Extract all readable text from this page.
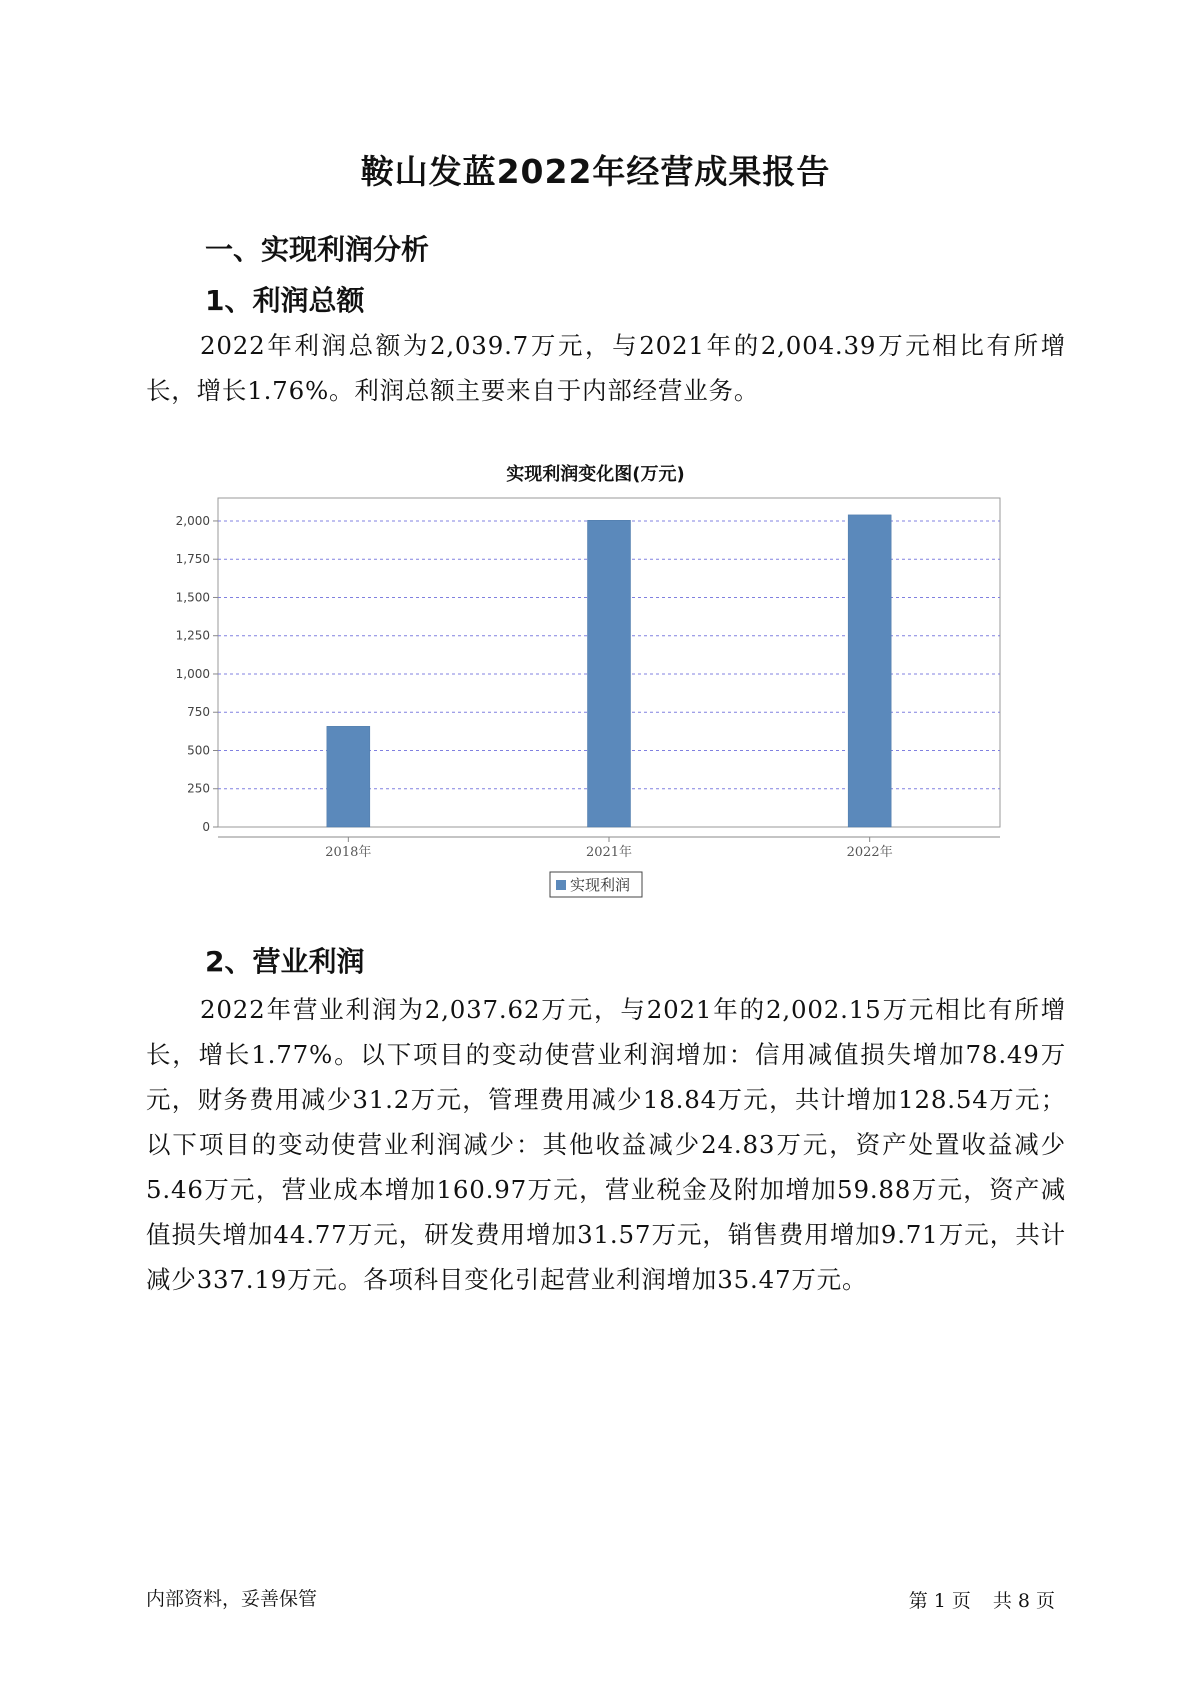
鞍山发蓝2022年经营成果报告
一、实现利润分析
1、利润总额

2022年利润总额为2,039.7万元，与2021年的2,004.39万元相比有所增长，增长1.76%。利润总额主要来自于内部经营业务。

实现利润变化图(万元)
0
250
500
750
1,000
1,250
1,500
1,750
2,000
2018年	2021年	2022年
实现利润
2、营业利润

2022年营业利润为2,037.62万元，与2021年的2,002.15万元相比有所增长，增长1.77%。以下项目的变动使营业利润增加：信用减值损失增加78.49万元，财务费用减少31.2万元，管理费用减少18.84万元，共计增加128.54万元；以下项目的变动使营业利润减少：其他收益减少24.83万元，资产处置收益减少5.46万元，营业成本增加160.97万元，营业税金及附加增加59.88万元，资产减值损失增加44.77万元，研发费用增加31.57万元，销售费用增加9.71万元，共计减少337.19万元。各项科目变化引起营业利润增加35.47万元。

内部资料，妥善保管	第 1 页 共 8 页
